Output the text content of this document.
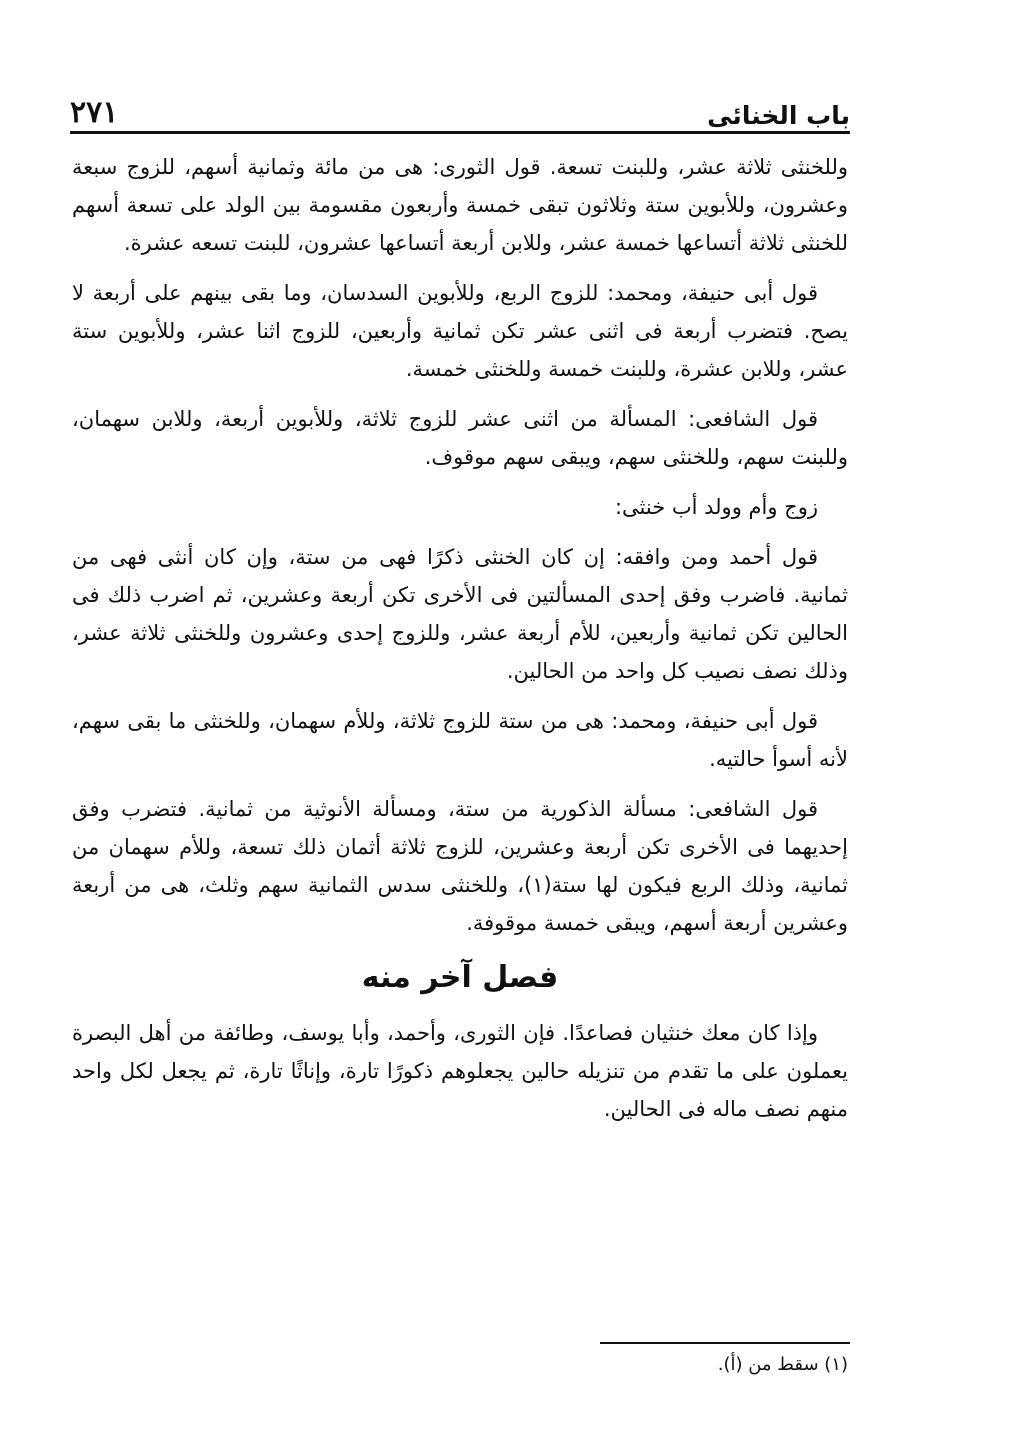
٢٧١	باب الخنائى

وللخنثى ثلاثة عشر، وللبنت تسعة. قول الثورى: هى من مائة وثمانية أسهم، للزوج سبعة وعشرون، وللأبوين ستة وثلاثون تبقى خمسة وأربعون مقسومة بين الولد على تسعة أسهم للخنثى ثلاثة أتساعها خمسة عشر، وللابن أربعة أتساعها عشرون، للبنت تسعه عشرة.

قول أبى حنيفة، ومحمد: للزوج الربع، وللأبوين السدسان، وما بقى بينهم على أربعة لا يصح. فتضرب أربعة فى اثنى عشر تكن ثمانية وأربعين، للزوج اثنا عشر، وللأبوين ستة عشر، وللابن عشرة، وللبنت خمسة وللخنثى خمسة.

قول الشافعى: المسألة من اثنى عشر للزوج ثلاثة، وللأبوين أربعة، وللابن سهمان، وللبنت سهم، وللخنثى سهم، ويبقى سهم موقوف.

زوج وأم وولد أب خنثى:

قول أحمد ومن وافقه: إن كان الخنثى ذكرًا فهى من ستة، وإن كان أنثى فهى من ثمانية. فاضرب وفق إحدى المسألتين فى الأخرى تكن أربعة وعشرين، ثم اضرب ذلك فى الحالين تكن ثمانية وأربعين، للأم أربعة عشر، وللزوج إحدى وعشرون وللخنثى ثلاثة عشر، وذلك نصف نصيب كل واحد من الحالين.

قول أبى حنيفة، ومحمد: هى من ستة للزوج ثلاثة، وللأم سهمان، وللخنثى ما بقى سهم، لأنه أسوأ حالتيه.

قول الشافعى: مسألة الذكورية من ستة، ومسألة الأنوثية من ثمانية. فتضرب وفق إحديهما فى الأخرى تكن أربعة وعشرين، للزوج ثلاثة أثمان ذلك تسعة، وللأم سهمان من ثمانية، وذلك الربع فيكون لها ستة(١)، وللخنثى سدس الثمانية سهم وثلث، هى من أربعة وعشرين أربعة أسهم، ويبقى خمسة موقوفة.

فصل آخر منه

وإذا كان معك خنثيان فصاعدًا. فإن الثورى، وأحمد، وأبا يوسف، وطائفة من أهل البصرة يعملون على ما تقدم من تنزيله حالين يجعلوهم ذكورًا تارة، وإناثًا تارة، ثم يجعل لكل واحد منهم نصف ماله فى الحالين.

(١) سقط من (أ).
